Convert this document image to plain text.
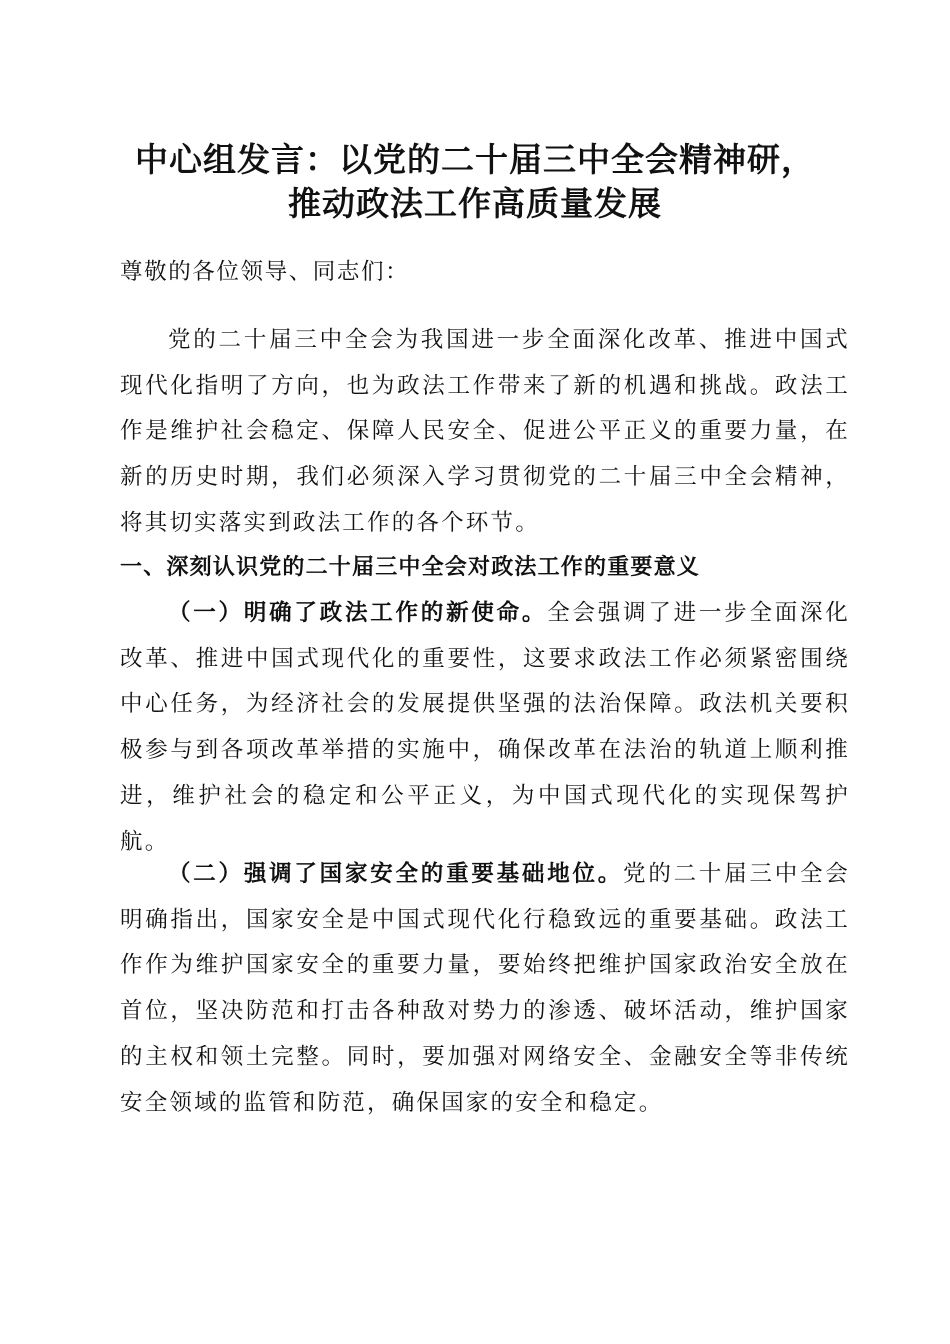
中心组发言：以党的二十届三中全会精神研，
推动政法工作高质量发展

尊敬的各位领导、同志们：

党的二十届三中全会为我国进一步全面深化改革、推进中国式现代化指明了方向，也为政法工作带来了新的机遇和挑战。政法工作是维护社会稳定、保障人民安全、促进公平正义的重要力量，在新的历史时期，我们必须深入学习贯彻党的二十届三中全会精神，将其切实落实到政法工作的各个环节。

一、深刻认识党的二十届三中全会对政法工作的重要意义

（一）明确了政法工作的新使命。全会强调了进一步全面深化改革、推进中国式现代化的重要性，这要求政法工作必须紧密围绕中心任务，为经济社会的发展提供坚强的法治保障。政法机关要积极参与到各项改革举措的实施中，确保改革在法治的轨道上顺利推进，维护社会的稳定和公平正义，为中国式现代化的实现保驾护航。

（二）强调了国家安全的重要基础地位。党的二十届三中全会明确指出，国家安全是中国式现代化行稳致远的重要基础。政法工作作为维护国家安全的重要力量，要始终把维护国家政治安全放在首位，坚决防范和打击各种敌对势力的渗透、破坏活动，维护国家的主权和领土完整。同时，要加强对网络安全、金融安全等非传统安全领域的监管和防范，确保国家的安全和稳定。
